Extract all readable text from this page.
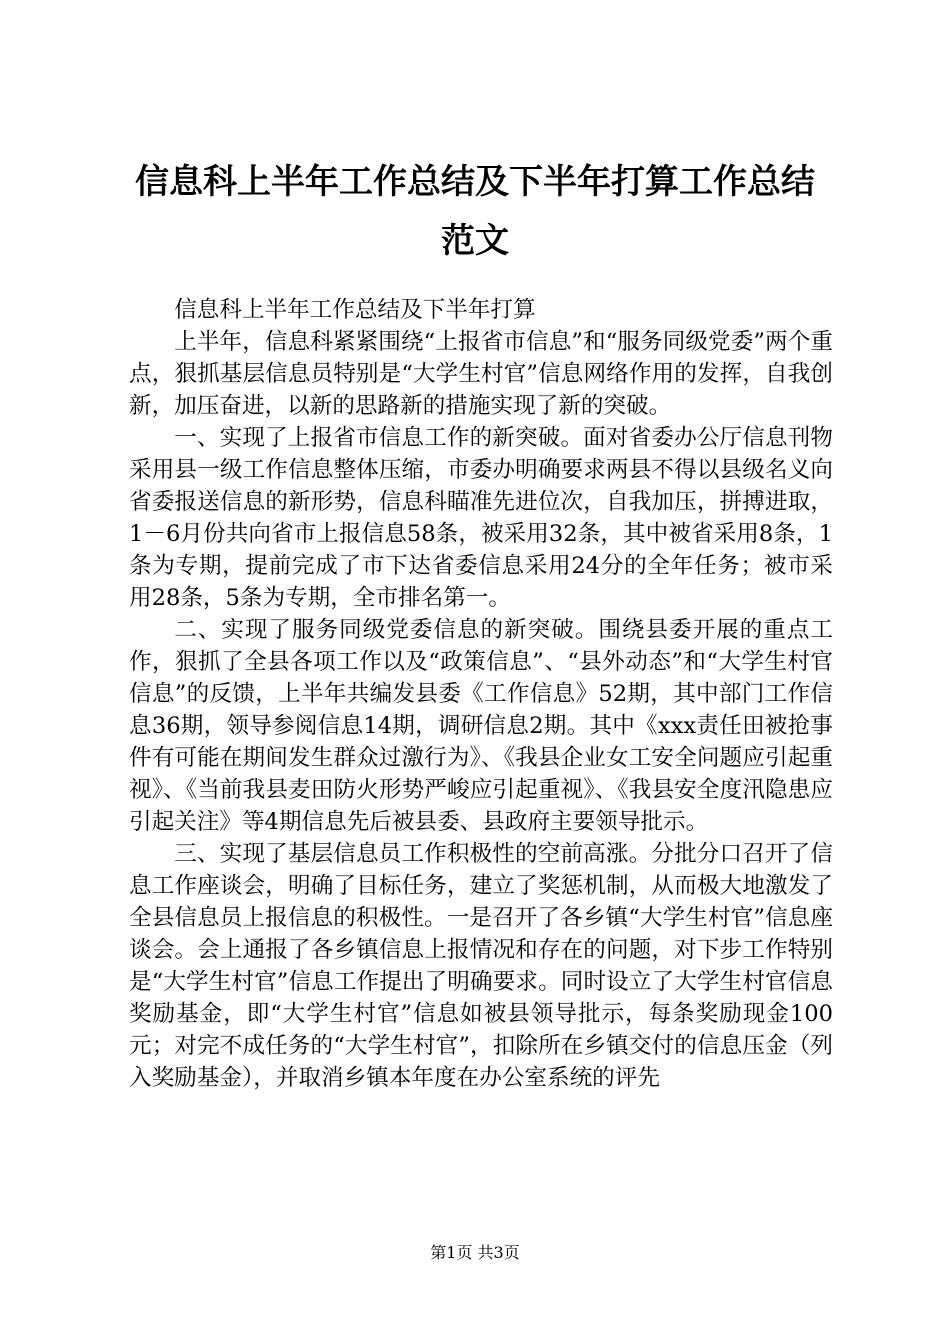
信息科上半年工作总结及下半年打算工作总结
范文

信息科上半年工作总结及下半年打算

上半年，信息科紧紧围绕“上报省市信息”和“服务同级党委”两个重点，狠抓基层信息员特别是“大学生村官”信息网络作用的发挥，自我创新，加压奋进，以新的思路新的措施实现了新的突破。

一、实现了上报省市信息工作的新突破。面对省委办公厅信息刊物采用县一级工作信息整体压缩，市委办明确要求两县不得以县级名义向省委报送信息的新形势，信息科瞄准先进位次，自我加压，拼搏进取，1－6月份共向省市上报信息58条，被采用32条，其中被省采用8条，1条为专期，提前完成了市下达省委信息采用24分的全年任务；被市采用28条，5条为专期，全市排名第一。

二、实现了服务同级党委信息的新突破。围绕县委开展的重点工作，狠抓了全县各项工作以及“政策信息”、“县外动态”和“大学生村官信息”的反馈，上半年共编发县委《工作信息》52期，其中部门工作信息36期，领导参阅信息14期，调研信息2期。其中《xxx责任田被抢事件有可能在期间发生群众过激行为》、《我县企业女工安全问题应引起重视》、《当前我县麦田防火形势严峻应引起重视》、《我县安全度汛隐患应引起关注》等4期信息先后被县委、县政府主要领导批示。

三、实现了基层信息员工作积极性的空前高涨。分批分口召开了信息工作座谈会，明确了目标任务，建立了奖惩机制，从而极大地激发了全县信息员上报信息的积极性。一是召开了各乡镇“大学生村官”信息座谈会。会上通报了各乡镇信息上报情况和存在的问题，对下步工作特别是“大学生村官”信息工作提出了明确要求。同时设立了大学生村官信息奖励基金，即“大学生村官”信息如被县领导批示，每条奖励现金100元；对完不成任务的“大学生村官”，扣除所在乡镇交付的信息压金（列入奖励基金），并取消乡镇本年度在办公室系统的评先

第1页 共3页
